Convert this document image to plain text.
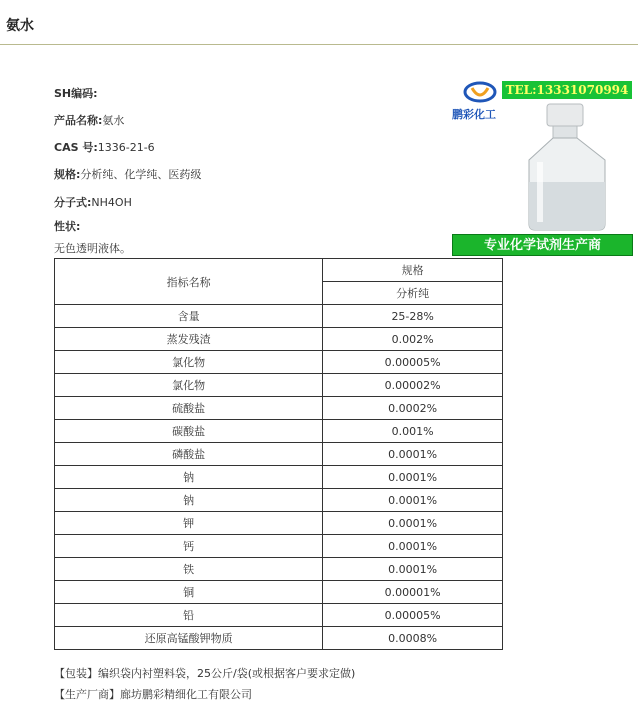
氨水
SH编码:
产品名称:氨水
CAS 号:1336-21-6
规格:分析纯、化学纯、医药级
分子式:NH4OH
性状:
无色透明液体。
鹏彩化工
TEL:13331070994
专业化学试剂生产商
指标名称	规格
	分析纯
含量	25-28%
蒸发残渣	0.002%
氯化物	0.00005%
氯化物	0.00002%
硫酸盐	0.0002%
碳酸盐	0.001%
磷酸盐	0.0001%
钠	0.0001%
钠	0.0001%
钾	0.0001%
钙	0.0001%
铁	0.0001%
铜	0.00001%
铅	0.00005%
还原高锰酸钾物质	0.0008%
【包装】编织袋内衬塑料袋，25公斤/袋(或根据客户要求定做)
【生产厂商】廊坊鹏彩精细化工有限公司
